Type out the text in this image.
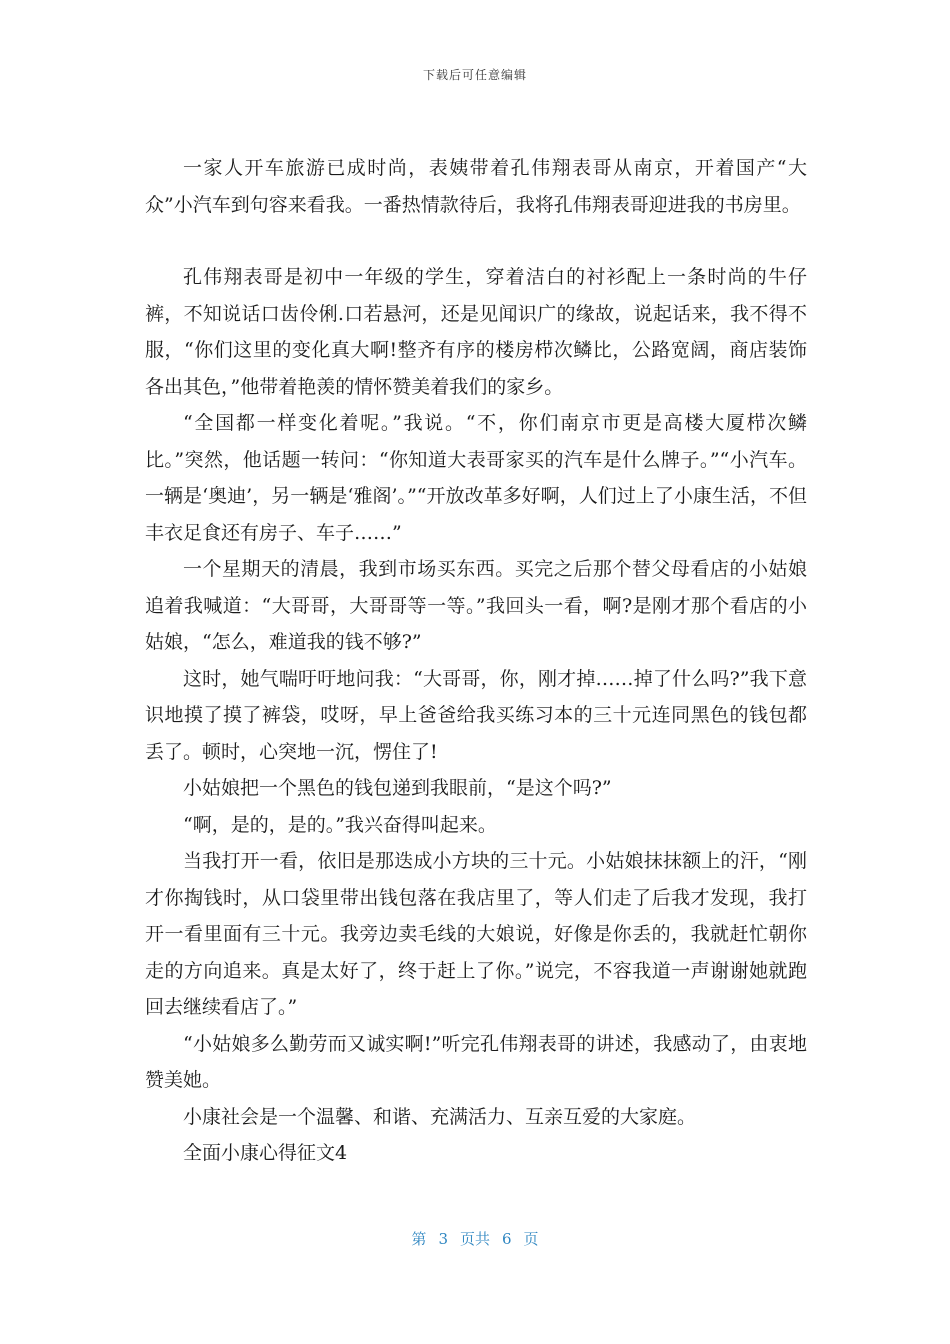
下载后可任意编辑

一家人开车旅游已成时尚，表姨带着孔伟翔表哥从南京，开着国产“大众”小汽车到句容来看我。一番热情款待后，我将孔伟翔表哥迎进我的书房里。

孔伟翔表哥是初中一年级的学生，穿着洁白的衬衫配上一条时尚的牛仔裤，不知说话口齿伶俐.口若悬河，还是见闻识广的缘故，说起话来，我不得不服，“你们这里的变化真大啊!整齐有序的楼房栉次鳞比，公路宽阔，商店装饰各出其色，”他带着艳羡的情怀赞美着我们的家乡。

“全国都一样变化着呢。”我说。“不，你们南京市更是高楼大厦栉次鳞比。”突然，他话题一转问：“你知道大表哥家买的汽车是什么牌子。”“小汽车。一辆是‘奥迪’，另一辆是‘雅阁’。”“开放改革多好啊，人们过上了小康生活，不但丰衣足食还有房子、车子……”

一个星期天的清晨，我到市场买东西。买完之后那个替父母看店的小姑娘追着我喊道：“大哥哥，大哥哥等一等。”我回头一看，啊?是刚才那个看店的小姑娘，“怎么，难道我的钱不够?”

这时，她气喘吁吁地问我：“大哥哥，你，刚才掉……掉了什么吗?”我下意识地摸了摸了裤袋，哎呀，早上爸爸给我买练习本的三十元连同黑色的钱包都丢了。顿时，心突地一沉，愣住了!

小姑娘把一个黑色的钱包递到我眼前，“是这个吗?”

“啊，是的，是的。”我兴奋得叫起来。

当我打开一看，依旧是那迭成小方块的三十元。小姑娘抹抹额上的汗，“刚才你掏钱时，从口袋里带出钱包落在我店里了，等人们走了后我才发现，我打开一看里面有三十元。我旁边卖毛线的大娘说，好像是你丢的，我就赶忙朝你走的方向追来。真是太好了，终于赶上了你。”说完，不容我道一声谢谢她就跑回去继续看店了。”

“小姑娘多么勤劳而又诚实啊!”听完孔伟翔表哥的讲述，我感动了，由衷地赞美她。

小康社会是一个温馨、和谐、充满活力、互亲互爱的大家庭。

全面小康心得征文4

第 3 页共 6 页
